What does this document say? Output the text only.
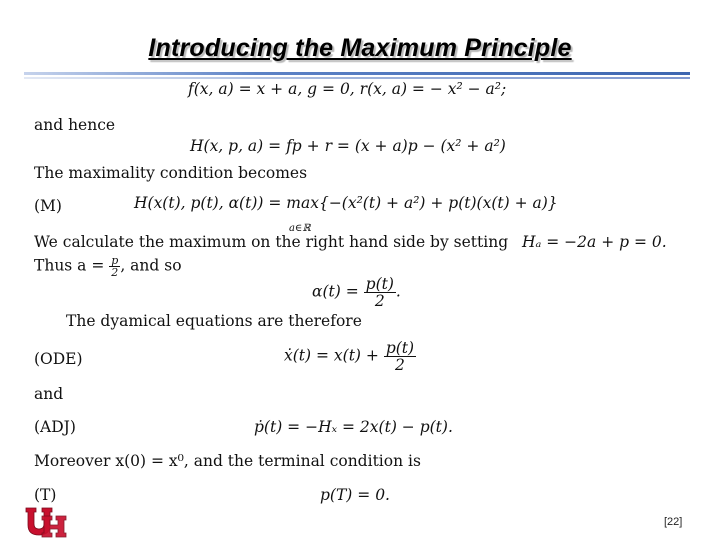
Introducing the Maximum Principle
f(x, a) = x + a, g = 0, r(x, a) = − x² − a²;
and hence
H(x, p, a) = fp + r = (x + a)p − (x² + a²)
The maximality condition becomes
(M)	H(x(t), p(t), α(t)) = max
a∈ℝ
{−(x²(t) + a²) + p(t)(x(t) + a)}
We calculate the maximum on the right hand side by setting Hₐ = −2a + p = 0.
Thus $a = \frac{p}{2}$ , and so
$\alpha(t) = \frac{p(t)}{2}$ .
The dyamical equations are therefore
(ODE)	ẋ(t) = $x(t) + \frac{p(t)}{2}$
and
(ADJ)	ṗ(t) = −Hₓ = 2x(t) − p(t).
Moreover x(0) = x⁰, and the terminal condition is
(T)	p(T) = 0.
[22]
